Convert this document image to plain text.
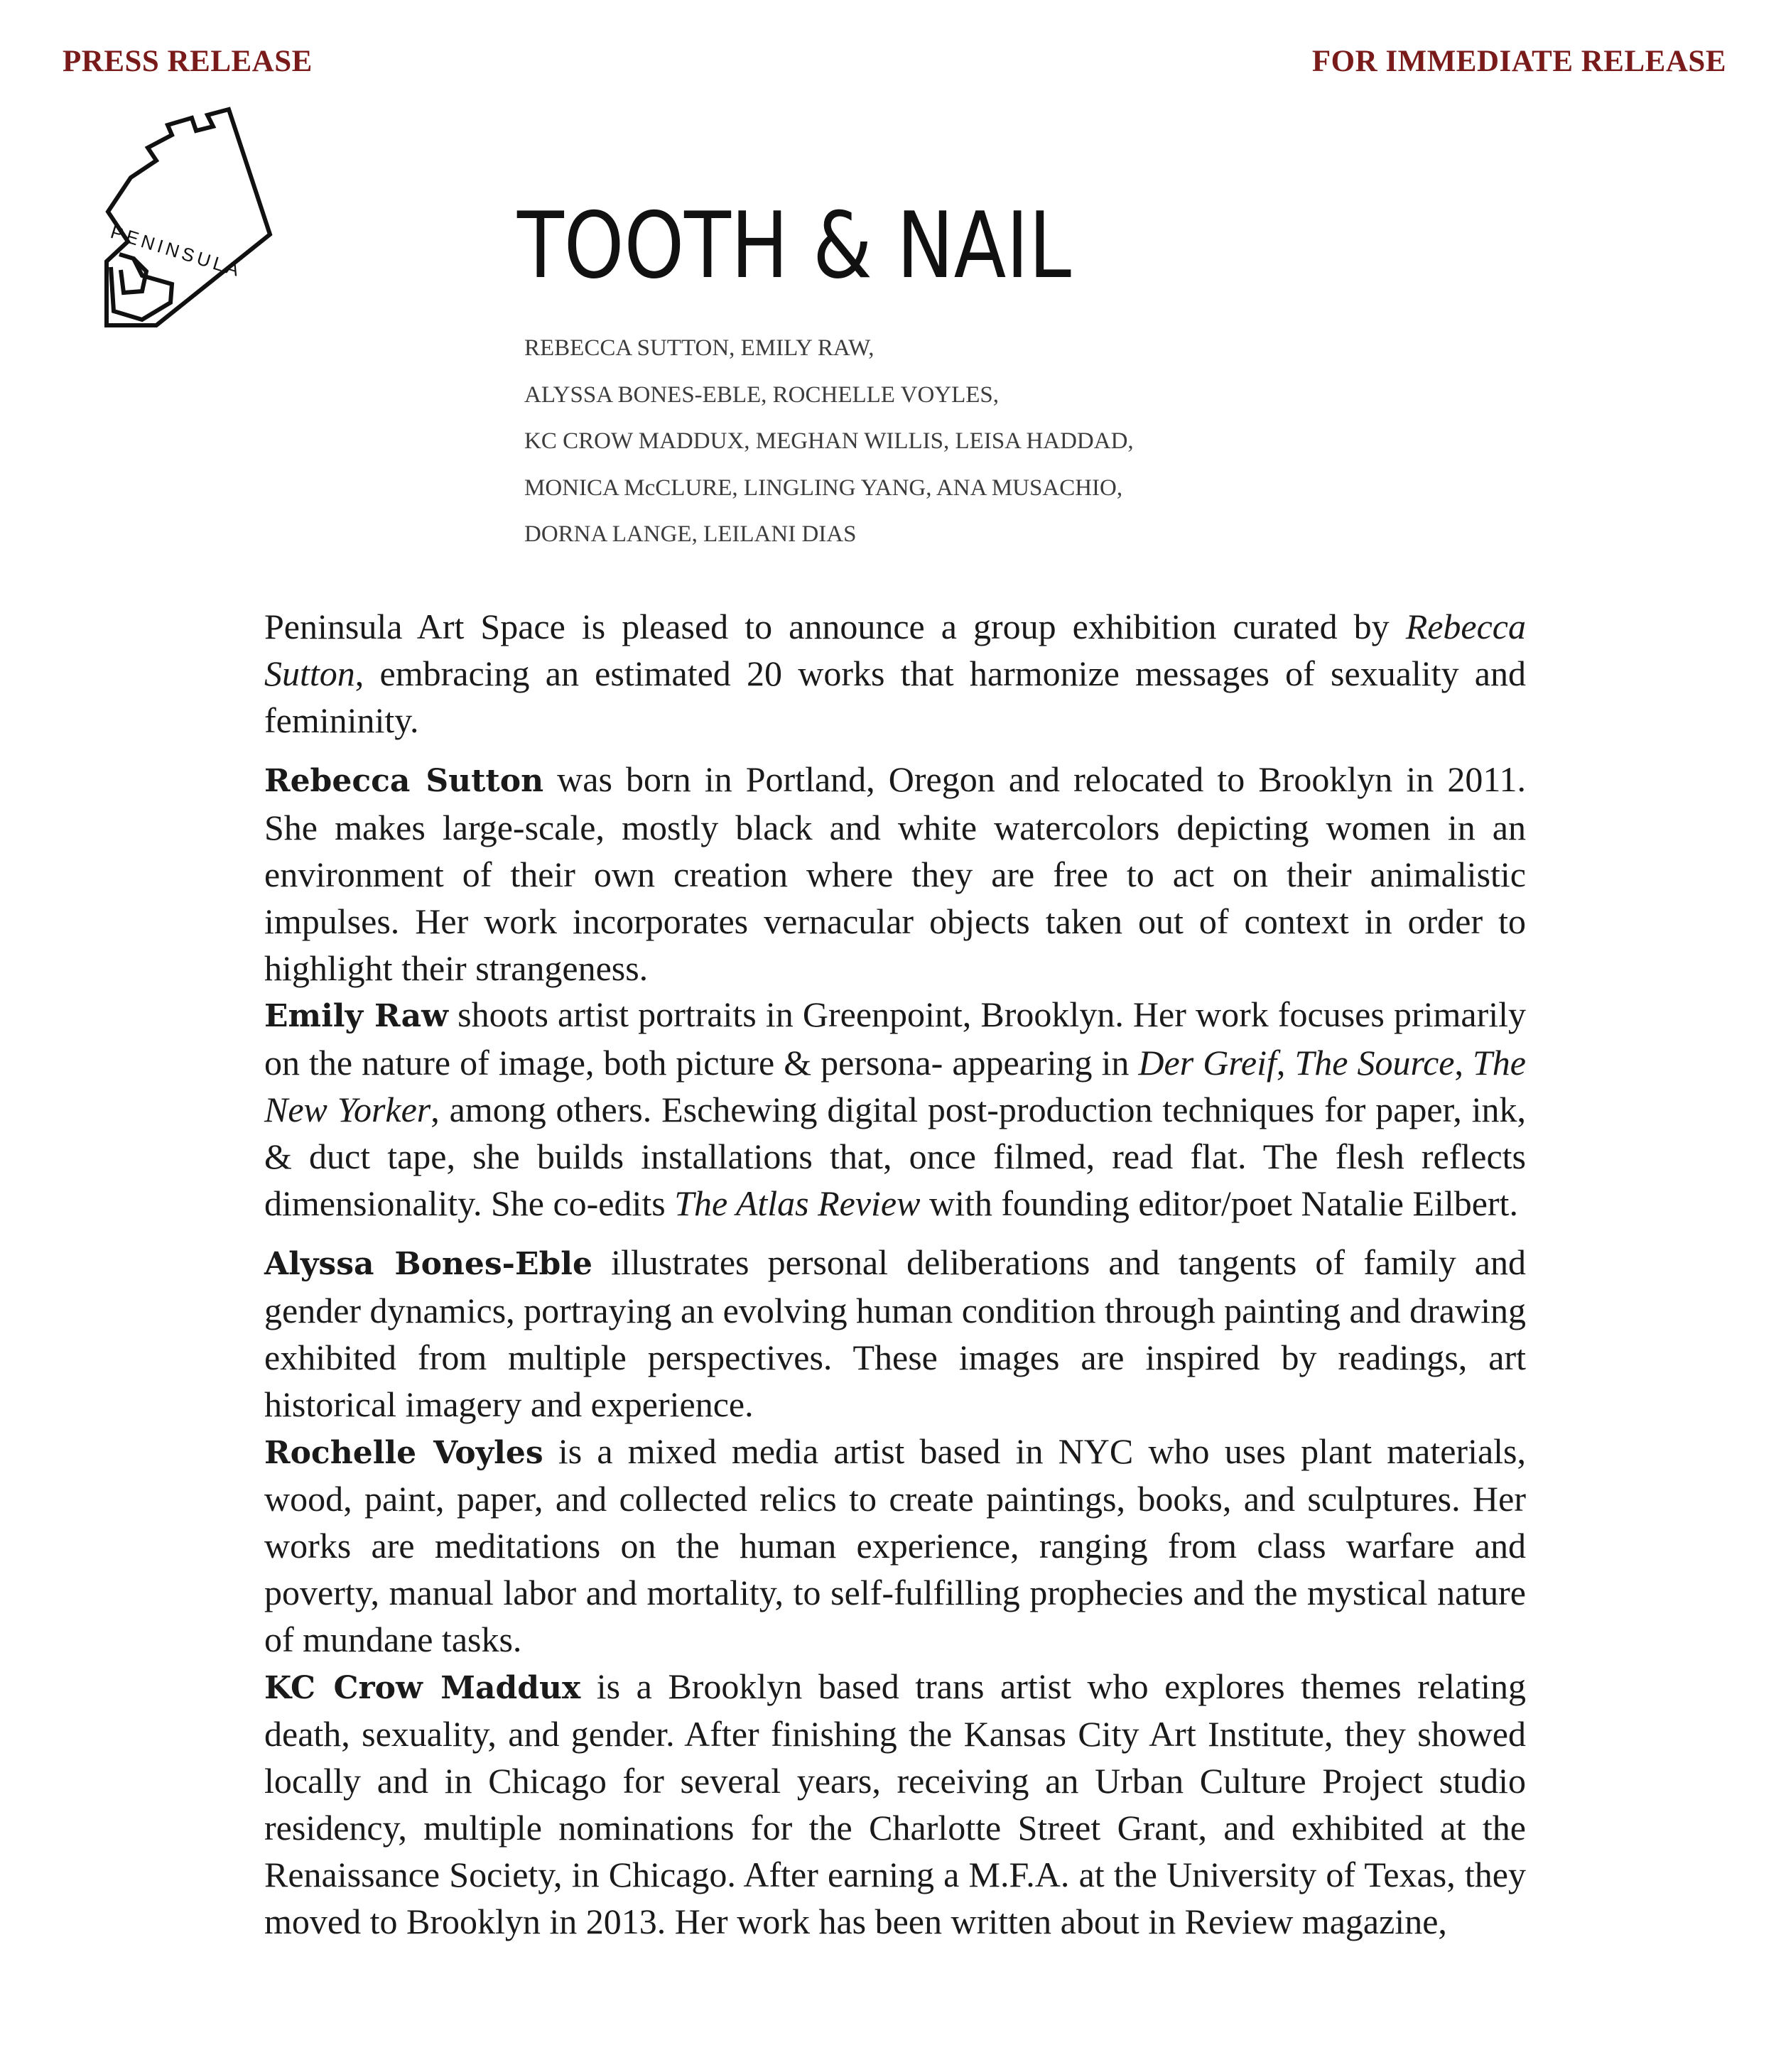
PRESS RELEASE	FOR IMMEDIATE RELEASE
PENINSULA	TOOTH & NAIL
REBECCA SUTTON, EMILY RAW,
ALYSSA BONES-EBLE, ROCHELLE VOYLES,
KC CROW MADDUX, MEGHAN WILLIS, LEISA HADDAD,
MONICA McCLURE, LINGLING YANG, ANA MUSACHIO,
DORNA LANGE, LEILANI DIAS

Peninsula Art Space is pleased to announce a group exhibition curated by Rebecca Sutton, embracing an estimated 20 works that harmonize messages of sexuality and femininity.

Rebecca Sutton was born in Portland, Oregon and relocated to Brooklyn in 2011. She makes large-scale, mostly black and white watercolors depicting women in an environment of their own creation where they are free to act on their animalistic impulses. Her work incorporates vernacular objects taken out of context in order to highlight their strangeness.

Emily Raw shoots artist portraits in Greenpoint, Brooklyn. Her work focuses primarily on the nature of image, both picture & persona- appearing in Der Greif, The Source, The New Yorker, among others. Eschewing digital post-production techniques for paper, ink, & duct tape, she builds installations that, once filmed, read flat. The flesh reflects dimensionality. She co-edits The Atlas Review with founding editor/poet Natalie Eilbert.

Alyssa Bones-Eble illustrates personal deliberations and tangents of family and gender dynamics, portraying an evolving human condition through painting and drawing exhibited from multiple perspectives. These images are inspired by readings, art historical imagery and experience.

Rochelle Voyles is a mixed media artist based in NYC who uses plant materials, wood, paint, paper, and collected relics to create paintings, books, and sculptures. Her works are meditations on the human experience, ranging from class warfare and poverty, manual labor and mortality, to self-fulfilling prophecies and the mystical nature of mundane tasks.

KC Crow Maddux is a Brooklyn based trans artist who explores themes relating death, sexuality, and gender. After finishing the Kansas City Art Institute, they showed locally and in Chicago for several years, receiving an Urban Culture Project studio residency, multiple nominations for the Charlotte Street Grant, and exhibited at the Renaissance Society, in Chicago. After earning a M.F.A. at the University of Texas, they moved to Brooklyn in 2013. Her work has been written about in Review magazine,
